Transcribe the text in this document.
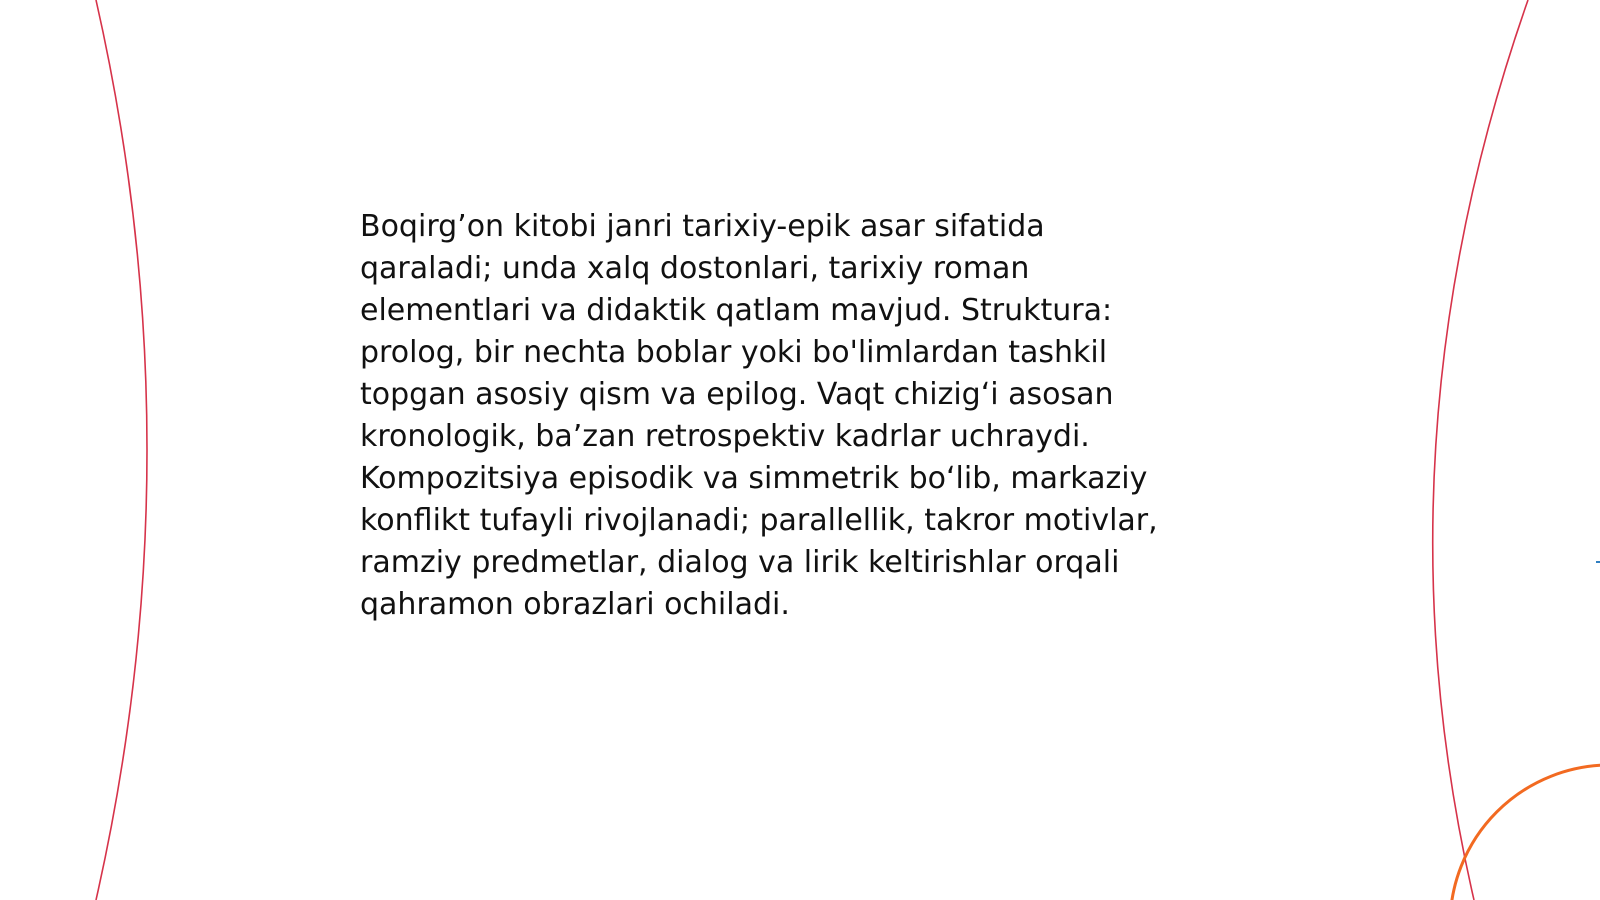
Boqirg’on kitobi janri tarixiy-epik asar sifatida
qaraladi; unda xalq dostonlari, tarixiy roman
elementlari va didaktik qatlam mavjud. Struktura:
prolog, bir nechta boblar yoki bo'limlardan tashkil
topgan asosiy qism va epilog. Vaqt chizig‘i asosan
kronologik, ba’zan retrospektiv kadrlar uchraydi.
Kompozitsiya episodik va simmetrik bo‘lib, markaziy
konflikt tufayli rivojlanadi; parallellik, takror motivlar,
ramziy predmetlar, dialog va lirik keltirishlar orqali
qahramon obrazlari ochiladi.
